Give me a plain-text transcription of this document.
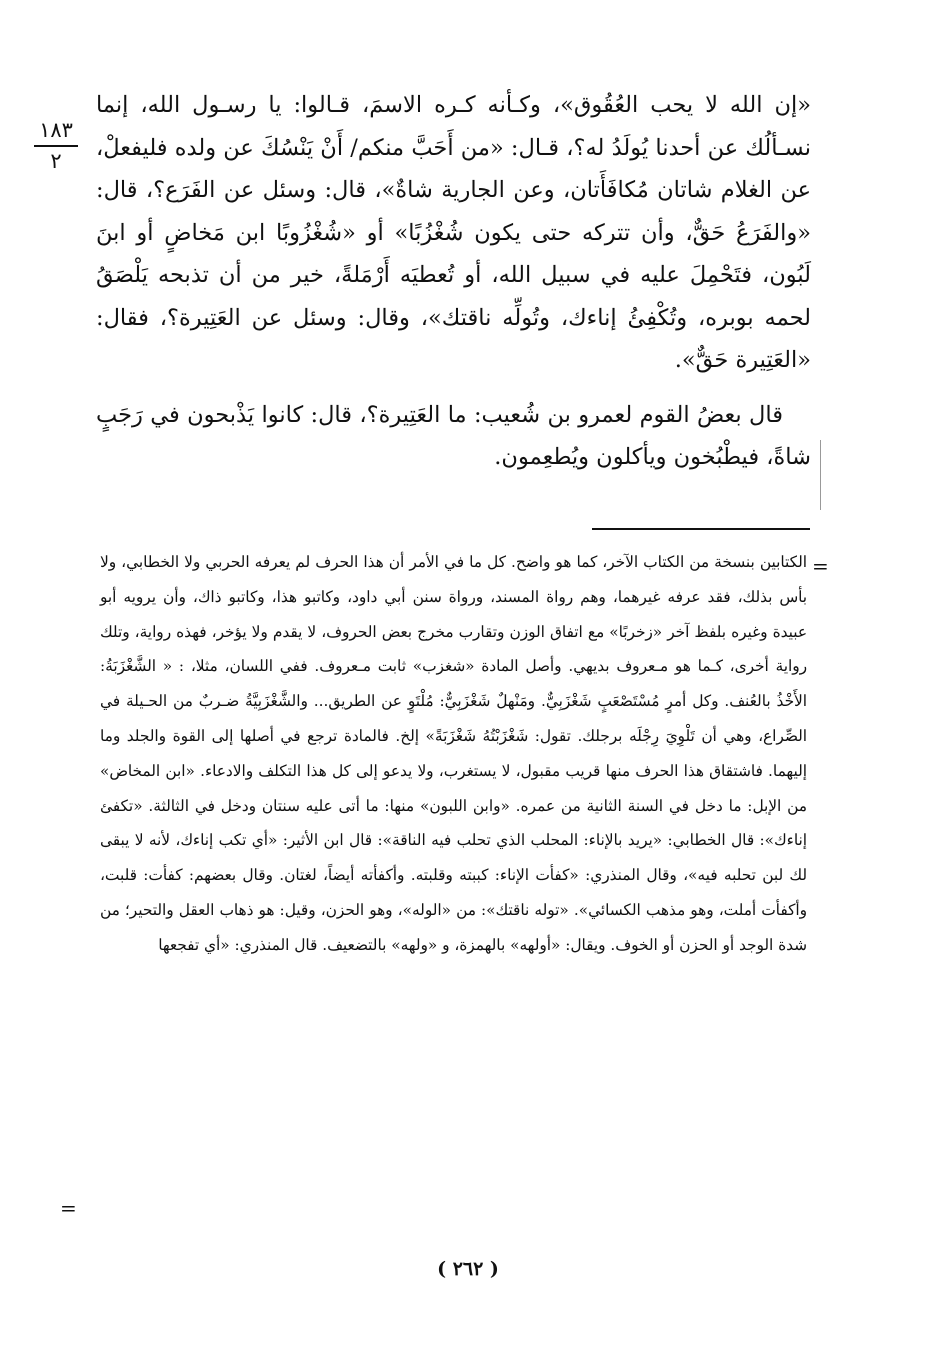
١٨٣
٢

«إن الله لا يحب العُقُوق»، وكـأنه كـره الاسمَ، قـالوا: يا رسـول الله، إنما نسـألُك عن أحدنا يُولَدُ له؟، قـال: «من أَحَبَّ منكم/ أَنْ يَنْسُكَ عن ولده فليفعلْ، عن الغلام شاتان مُكافَأَتان، وعن الجارية شاةٌ»، قال: وسئل عن الفَرَع؟، قال: «والفَرَعُ حَقٌّ، وأن تتركه حتى يكون شُغْزُبًا» أو «شُغْزُوبًا ابن مَخاضٍ أو ابنَ لَبُون، فتَحْمِلَ عليه في سبيل الله، أو تُعطيَه أَرْمَلةً، خير من أن تذبحه يَلْصَقُ لحمه بوبره، وتُكْفِئُ إناءك، وتُولِّه ناقتك»، وقال: وسئل عن العَتِيرة؟، فقال: «العَتِيرة حَقٌّ».

قال بعضُ القوم لعمرو بن شُعيب: ما العَتِيرة؟، قال: كانوا يَذْبحون في رَجَبٍ شاةً، فيطْبُخون ويأكلون ويُطعِمون.

=

الكتابين بنسخة من الكتاب الآخر، كما هو واضح. كل ما في الأمر أن هذا الحرف لم يعرفه الحربي ولا الخطابي، ولا بأس بذلك، فقد عرفه غيرهما، وهم رواة المسند، ورواة سنن أبي داود، وكاتبو هذا، وكاتبو ذاك، وأن يرويه أبو عبيدة وغيره بلفظ آخر «زخربًا» مع اتفاق الوزن وتقارب مخرج بعض الحروف، لا يقدم ولا يؤخر، فهذه رواية، وتلك رواية أخرى، كـما هو مـعروف بديهي. وأصل المادة «شغزب» ثابت مـعروف. ففي اللسان، مثلا، : « الشَّغْزَبَةُ: الأَخْذُ بالعُنف. وكل أمرٍ مُسْتَصْعَبٍ شَغْزَبِيٌّ. ومَنْهلٌ شَغْزَبِيٌّ: مُلْتَوٍ عن الطريق... والشَّغْزَبِيَّةُ ضـربٌ من الحـيلة في الصِّراع، وهي أن تَلْوِيَ رِجْلَه برجلك. تقول: شَغْزَبْتُهُ شَغْزَبَةً» إلخ. فالمادة ترجع في أصلها إلى القوة والجلد وما إليهما. فاشتقاق هذا الحرف منها قريب مقبول، لا يستغرب، ولا يدعو إلى كل هذا التكلف والادعاء. «ابن المخاض» من الإبل: ما دخل في السنة الثانية من عمره. «وابن اللبون» منها: ما أتى عليه سنتان ودخل في الثالثة. «تكفئ إناءك»: قال الخطابي: «يريد بالإناء: المحلب الذي تحلب فيه الناقة»: قال ابن الأثير: «أي تكب إناءك، لأنه لا يبقى لك لبن تحلبه فيه»، وقال المنذري: «كفأت الإناء: كببته وقلبته. وأكفأته أيضاً، لغتان. وقال بعضهم: كفأت: قلبت، وأكفأت أملت، وهو مذهب الكسائي». «توله ناقتك»: من «الوله»، وهو الحزن، وقيل: هو ذهاب العقل والتحير؛ من شدة الوجد أو الحزن أو الخوف. ويقال: «أولهه» بالهمزة، و «ولهه» بالتضعيف. قال المنذري: «أي تفجعها

=
( ٢٦٢ )
